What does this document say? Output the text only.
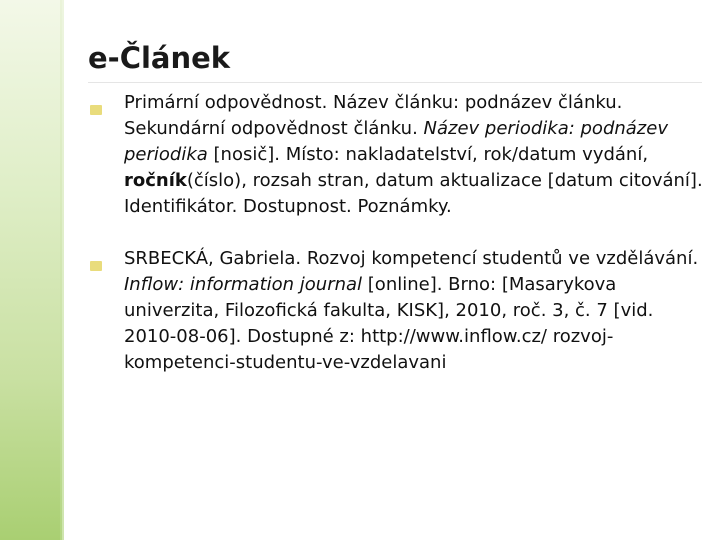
e-Článek
Primární odpovědnost. Název článku: podnázev článku. Sekundární odpovědnost článku. Název periodika: podnázev periodika [nosič]. Místo: nakladatelství, rok/datum vydání, ročník(číslo), rozsah stran, datum aktualizace [datum citování]. Identifikátor. Dostupnost. Poznámky.
SRBECKÁ, Gabriela. Rozvoj kompetencí studentů ve vzdělávání. Inflow: information journal [online]. Brno: [Masarykova univerzita, Filozofická fakulta, KISK], 2010, roč. 3, č. 7 [vid. 2010-08-06]. Dostupné z: http://www.inflow.cz/ rozvoj-kompetenci-studentu-ve-vzdelavani
